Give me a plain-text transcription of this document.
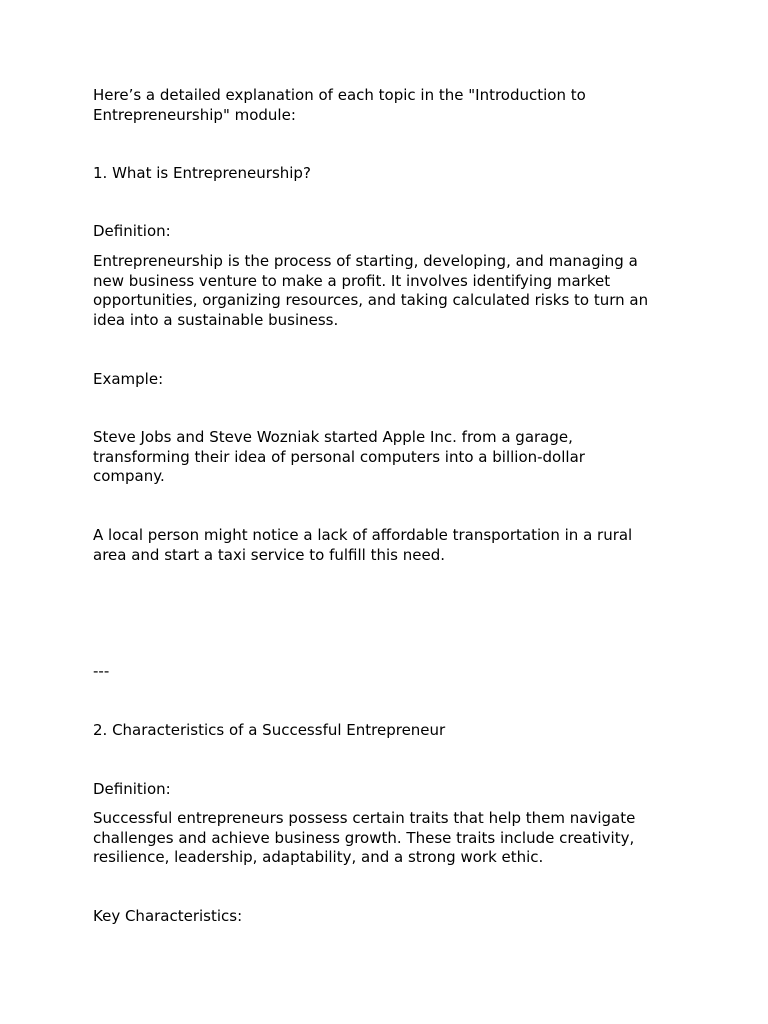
Here’s a detailed explanation of each topic in the "Introduction to
Entrepreneurship" module:

1. What is Entrepreneurship?

Definition:

Entrepreneurship is the process of starting, developing, and managing a
new business venture to make a profit. It involves identifying market
opportunities, organizing resources, and taking calculated risks to turn an
idea into a sustainable business.

Example:

Steve Jobs and Steve Wozniak started Apple Inc. from a garage,
transforming their idea of personal computers into a billion-dollar
company.

A local person might notice a lack of affordable transportation in a rural
area and start a taxi service to fulfill this need.

---

2. Characteristics of a Successful Entrepreneur

Definition:

Successful entrepreneurs possess certain traits that help them navigate
challenges and achieve business growth. These traits include creativity,
resilience, leadership, adaptability, and a strong work ethic.

Key Characteristics:
